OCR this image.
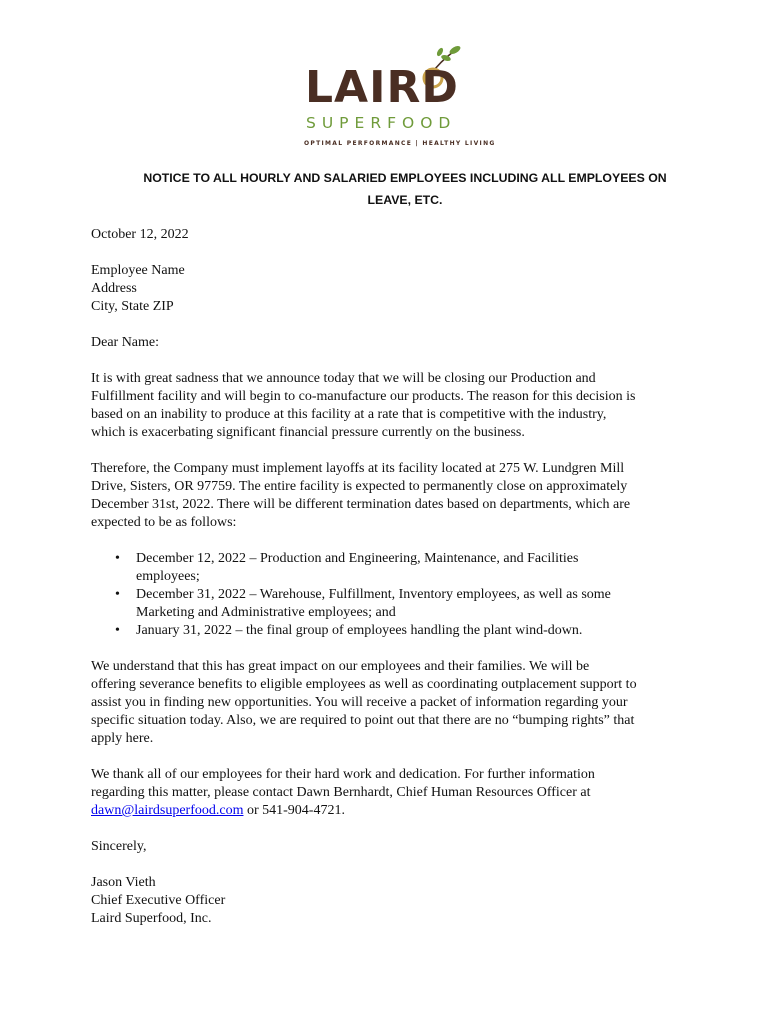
LAIRD
SUPERFOOD
OPTIMAL PERFORMANCE | HEALTHY LIVING
NOTICE TO ALL HOURLY AND SALARIED EMPLOYEES INCLUDING ALL EMPLOYEES ON
LEAVE, ETC.

October 12, 2022

Employee Name
Address
City, State ZIP

Dear Name:

It is with great sadness that we announce today that we will be closing our Production and
Fulfillment facility and will begin to co-manufacture our products. The reason for this decision is
based on an inability to produce at this facility at a rate that is competitive with the industry,
which is exacerbating significant financial pressure currently on the business.

Therefore, the Company must implement layoffs at its facility located at 275 W. Lundgren Mill
Drive, Sisters, OR 97759. The entire facility is expected to permanently close on approximately
December 31st, 2022. There will be different termination dates based on departments, which are
expected to be as follows:

• December 12, 2022 – Production and Engineering, Maintenance, and Facilities
employees;
• December 31, 2022 – Warehouse, Fulfillment, Inventory employees, as well as some
Marketing and Administrative employees; and
• January 31, 2022 – the final group of employees handling the plant wind-down.

We understand that this has great impact on our employees and their families. We will be
offering severance benefits to eligible employees as well as coordinating outplacement support to
assist you in finding new opportunities. You will receive a packet of information regarding your
specific situation today. Also, we are required to point out that there are no “bumping rights” that
apply here.

We thank all of our employees for their hard work and dedication. For further information
regarding this matter, please contact Dawn Bernhardt, Chief Human Resources Officer at
dawn@lairdsuperfood.com or 541-904-4721.

Sincerely,

Jason Vieth
Chief Executive Officer
Laird Superfood, Inc.
